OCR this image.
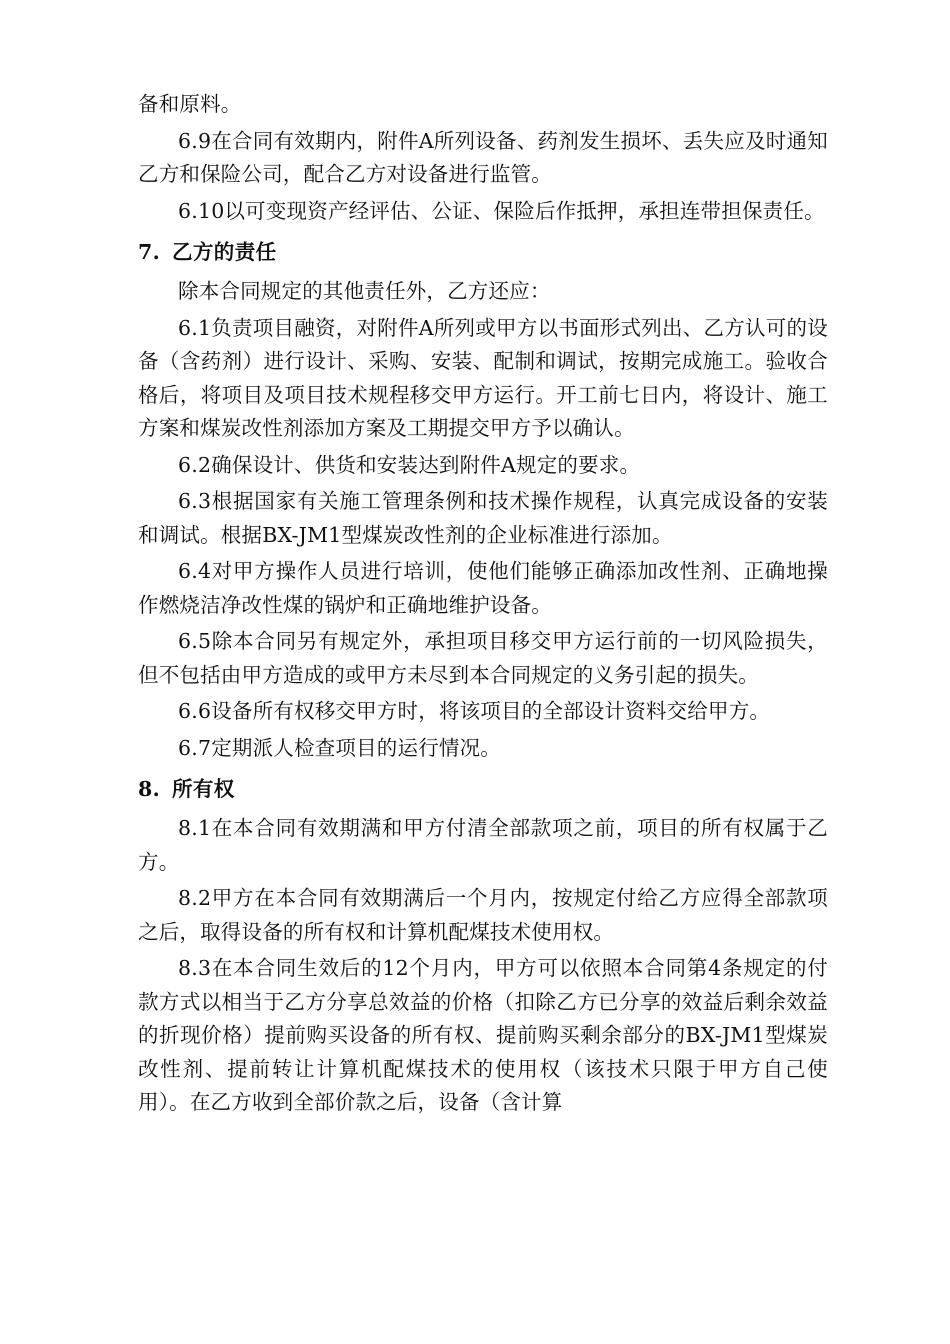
备和原料。

6.9在合同有效期内，附件A所列设备、药剂发生损坏、丢失应及时通知乙方和保险公司，配合乙方对设备进行监管。

6.10以可变现资产经评估、公证、保险后作抵押，承担连带担保责任。

7. 乙方的责任

除本合同规定的其他责任外，乙方还应：

6.1负责项目融资，对附件A所列或甲方以书面形式列出、乙方认可的设备（含药剂）进行设计、采购、安装、配制和调试，按期完成施工。验收合格后，将项目及项目技术规程移交甲方运行。开工前七日内，将设计、施工方案和煤炭改性剂添加方案及工期提交甲方予以确认。

6.2确保设计、供货和安装达到附件A规定的要求。

6.3根据国家有关施工管理条例和技术操作规程，认真完成设备的安装和调试。根据BX-JM1型煤炭改性剂的企业标准进行添加。

6.4对甲方操作人员进行培训，使他们能够正确添加改性剂、正确地操作燃烧洁净改性煤的锅炉和正确地维护设备。

6.5除本合同另有规定外，承担项目移交甲方运行前的一切风险损失，但不包括由甲方造成的或甲方未尽到本合同规定的义务引起的损失。

6.6设备所有权移交甲方时，将该项目的全部设计资料交给甲方。

6.7定期派人检查项目的运行情况。

8. 所有权

8.1在本合同有效期满和甲方付清全部款项之前，项目的所有权属于乙方。

8.2甲方在本合同有效期满后一个月内，按规定付给乙方应得全部款项之后，取得设备的所有权和计算机配煤技术使用权。

8.3在本合同生效后的12个月内，甲方可以依照本合同第4条规定的付款方式以相当于乙方分享总效益的价格（扣除乙方已分享的效益后剩余效益的折现价格）提前购买设备的所有权、提前购买剩余部分的BX-JM1型煤炭改性剂、提前转让计算机配煤技术的使用权（该技术只限于甲方自己使用）。在乙方收到全部价款之后，设备（含计算
